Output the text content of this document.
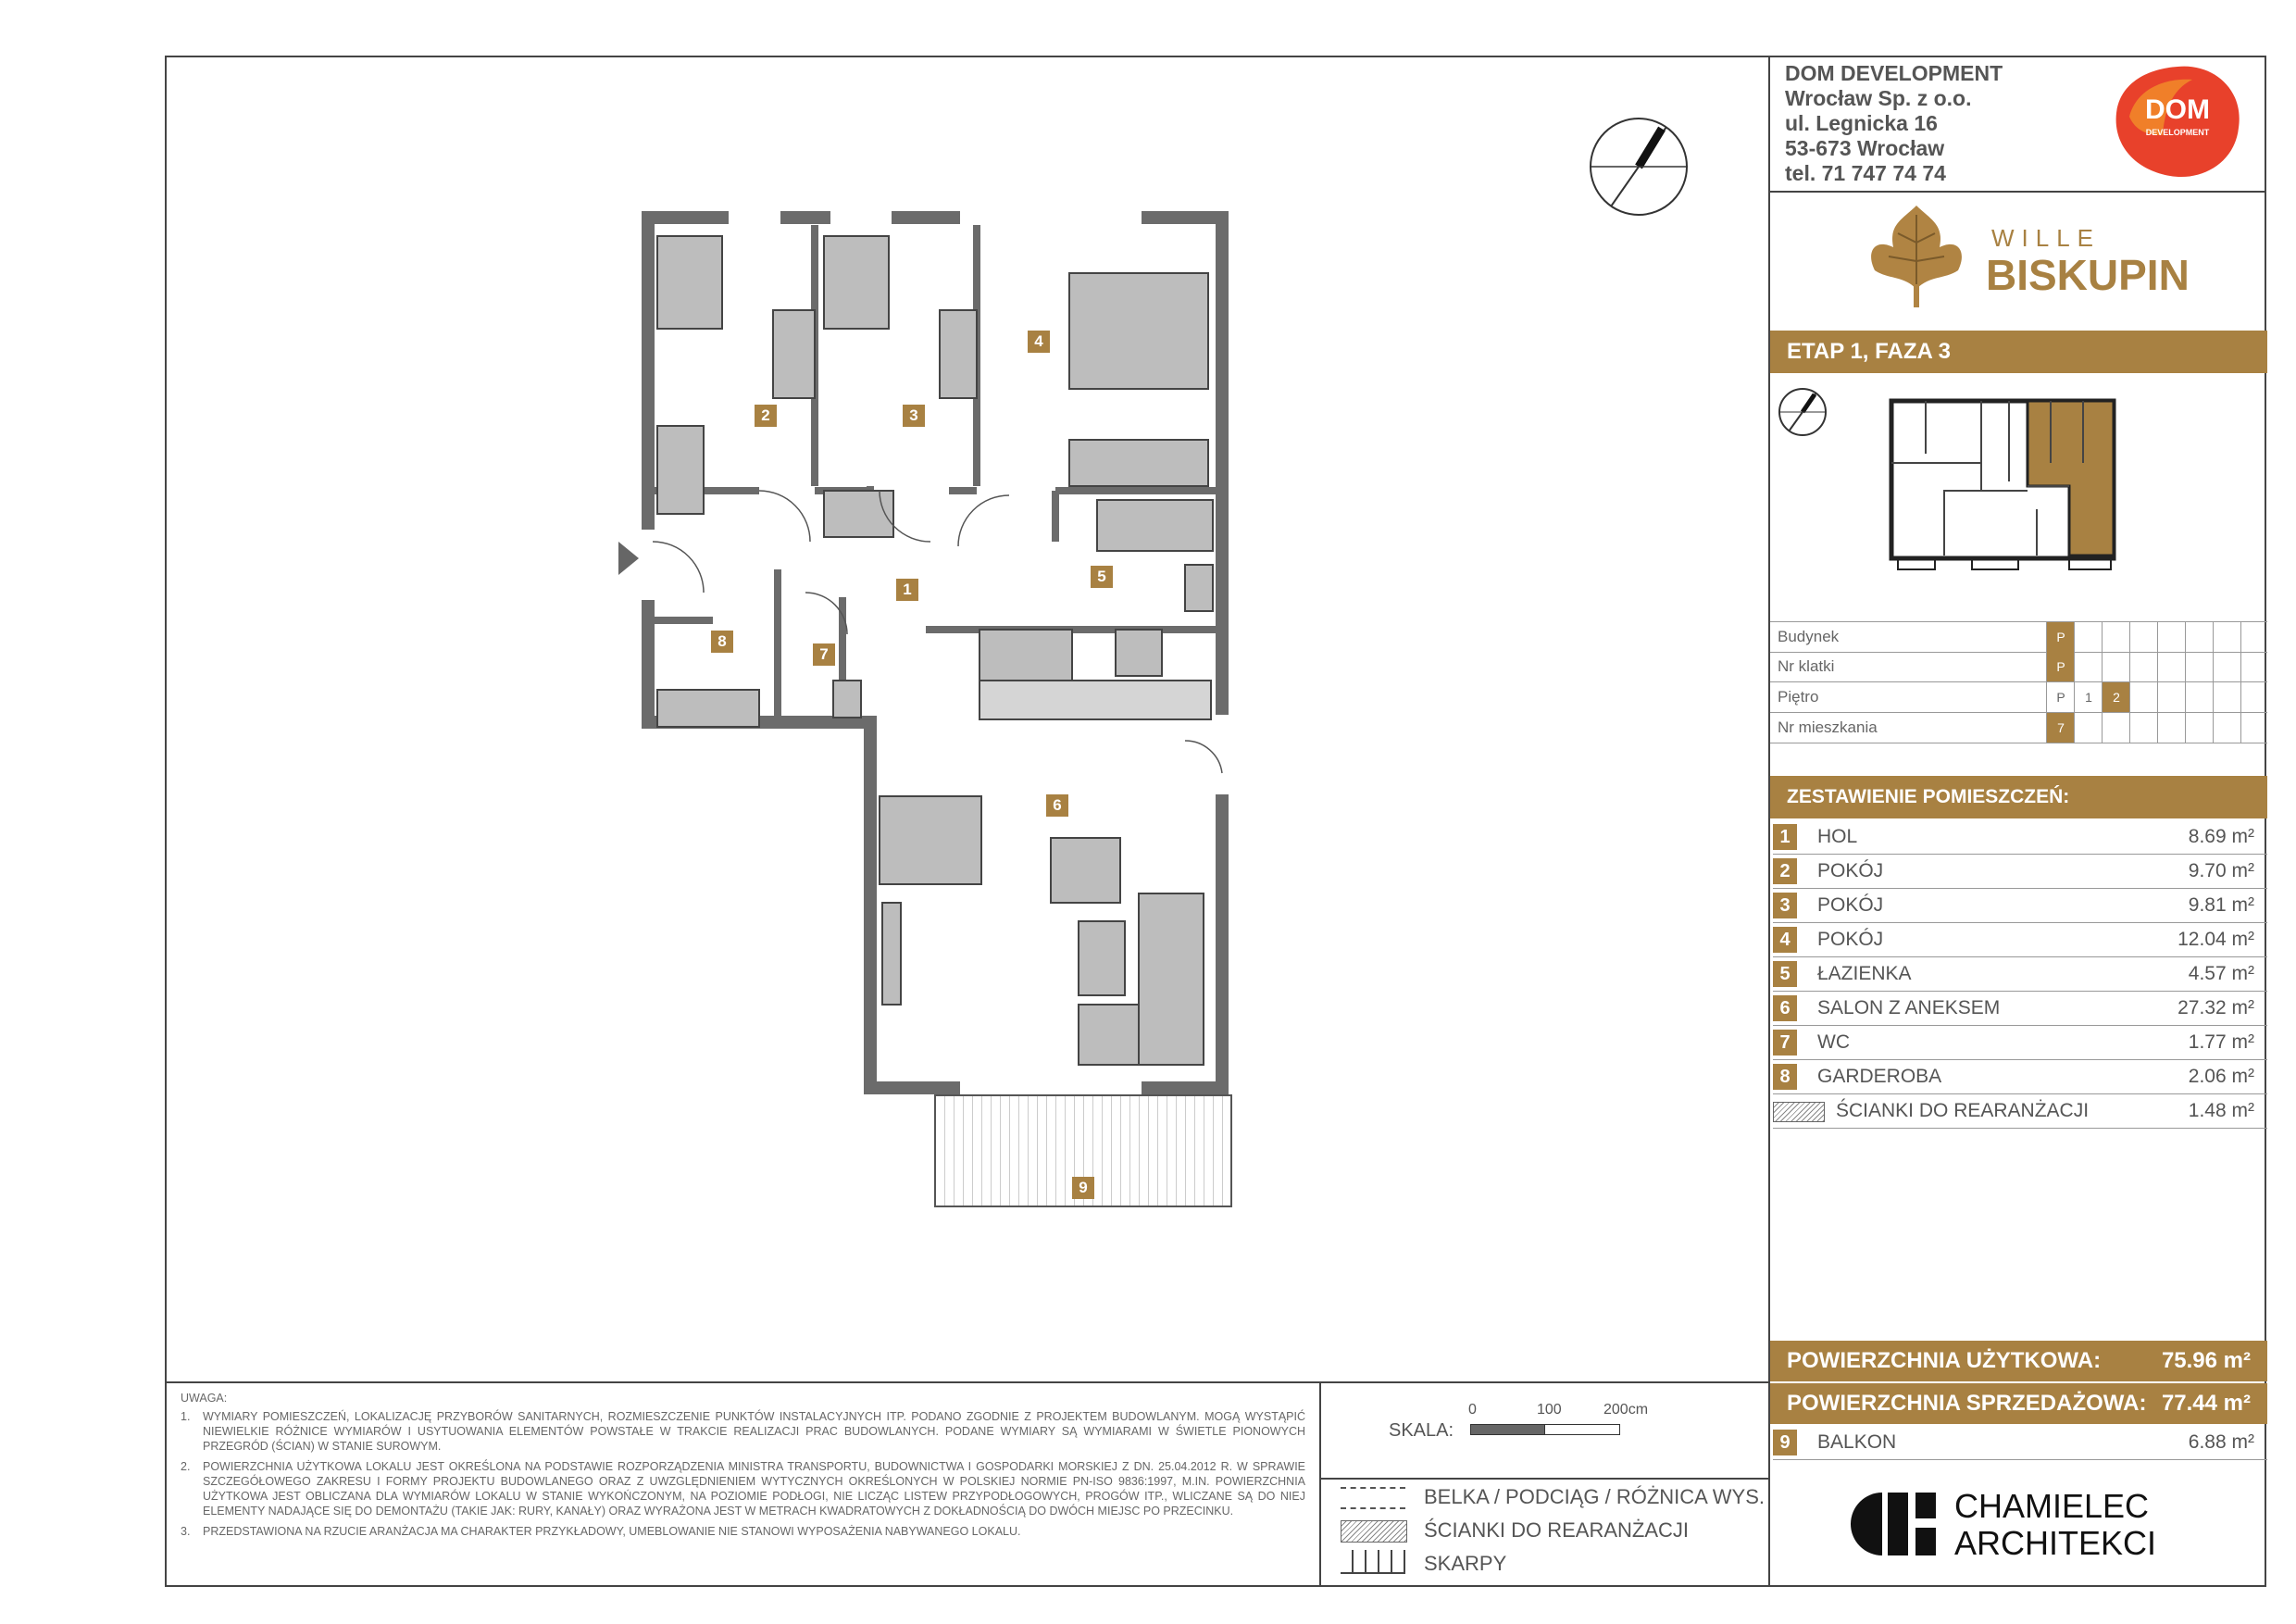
DOM DEVELOPMENT
Wrocław Sp. z o.o.
ul. Legnicka 16
53-673 Wrocław
tel. 71 747 74 74
DOM
DEVELOPMENT
WILLE
BISKUPIN
ETAP 1, FAZA 3
Budynek	P
Nr klatki	P
Piętro	P	1	2
Nr mieszkania	7
ZESTAWIENIE POMIESZCZEŃ:
1	HOL	8.69 m²
2	POKÓJ	9.70 m²
3	POKÓJ	9.81 m²
4	POKÓJ	12.04 m²
5	ŁAZIENKA	4.57 m²
6	SALON Z ANEKSEM	27.32 m²
7	WC	1.77 m²
8	GARDEROBA	2.06 m²
ŚCIANKI DO REARANŻACJI	1.48 m²
POWIERZCHNIA UŻYTKOWA:	75.96 m²
POWIERZCHNIA SPRZEDAŻOWA: 77.44 m²
9	BALKON	6.88 m²
UWAGA:
1. WYMIARY POMIESZCZEŃ, LOKALIZACJĘ PRZYBORÓW SANITARNYCH, ROZMIESZCZENIE PUNKTÓW INSTALACYJNYCH ITP. PODANO ZGODNIE Z PROJEKTEM BUDOWLANYM. MOGĄ WYSTĄPIĆ NIEWIELKIE RÓŻNICE WYMIARÓW I USYTUOWANIA ELEMENTÓW POWSTAŁE W TRAKCIE REALIZACJI PRAC BUDOWLANYCH. PODANE WYMIARY SĄ WYMIARAMI W ŚWIETLE PIONOWYCH PRZEGRÓD (ŚCIAN) W STANIE SUROWYM.
2. POWIERZCHNIA UŻYTKOWA LOKALU JEST OKREŚLONA NA PODSTAWIE ROZPORZĄDZENIA MINISTRA TRANSPORTU, BUDOWNICTWA I GOSPODARKI MORSKIEJ Z DN. 25.04.2012 R. W SPRAWIE SZCZEGÓŁOWEGO ZAKRESU I FORMY PROJEKTU BUDOWLANEGO ORAZ Z UWZGLĘDNIENIEM WYTYCZNYCH OKREŚLONYCH W POLSKIEJ NORMIE PN-ISO 9836:1997, M.IN. POWIERZCHNIA UŻYTKOWA JEST OBLICZANA DLA WYMIARÓW LOKALU W STANIE WYKOŃCZONYM, NA POZIOMIE PODŁOGI, NIE LICZĄC LISTEW PRZYPODŁOGOWYCH, PROGÓW ITP., WLICZANE SĄ DO NIEJ ELEMENTY NADAJĄCE SIĘ DO DEMONTAŻU (TAKIE JAK: RURY, KANAŁY) ORAZ WYRAŻONA JEST W METRACH KWADRATOWYCH Z DOKŁADNOŚCIĄ DO DWÓCH MIEJSC PO PRZECINKU.
3. PRZEDSTAWIONA NA RZUCIE ARANŻACJA MA CHARAKTER PRZYKŁADOWY, UMEBLOWANIE NIE STANOWI WYPOSAŻENIA NABYWANEGO LOKALU.
SKALA:
0	100	200cm
BELKA / PODCIĄG / RÓŻNICA WYS.
ŚCIANKI DO REARANŻACJI
SKARPY
CHAMIELEC
ARCHITEKCI
1
2	3
4
5
6
7
8
9
